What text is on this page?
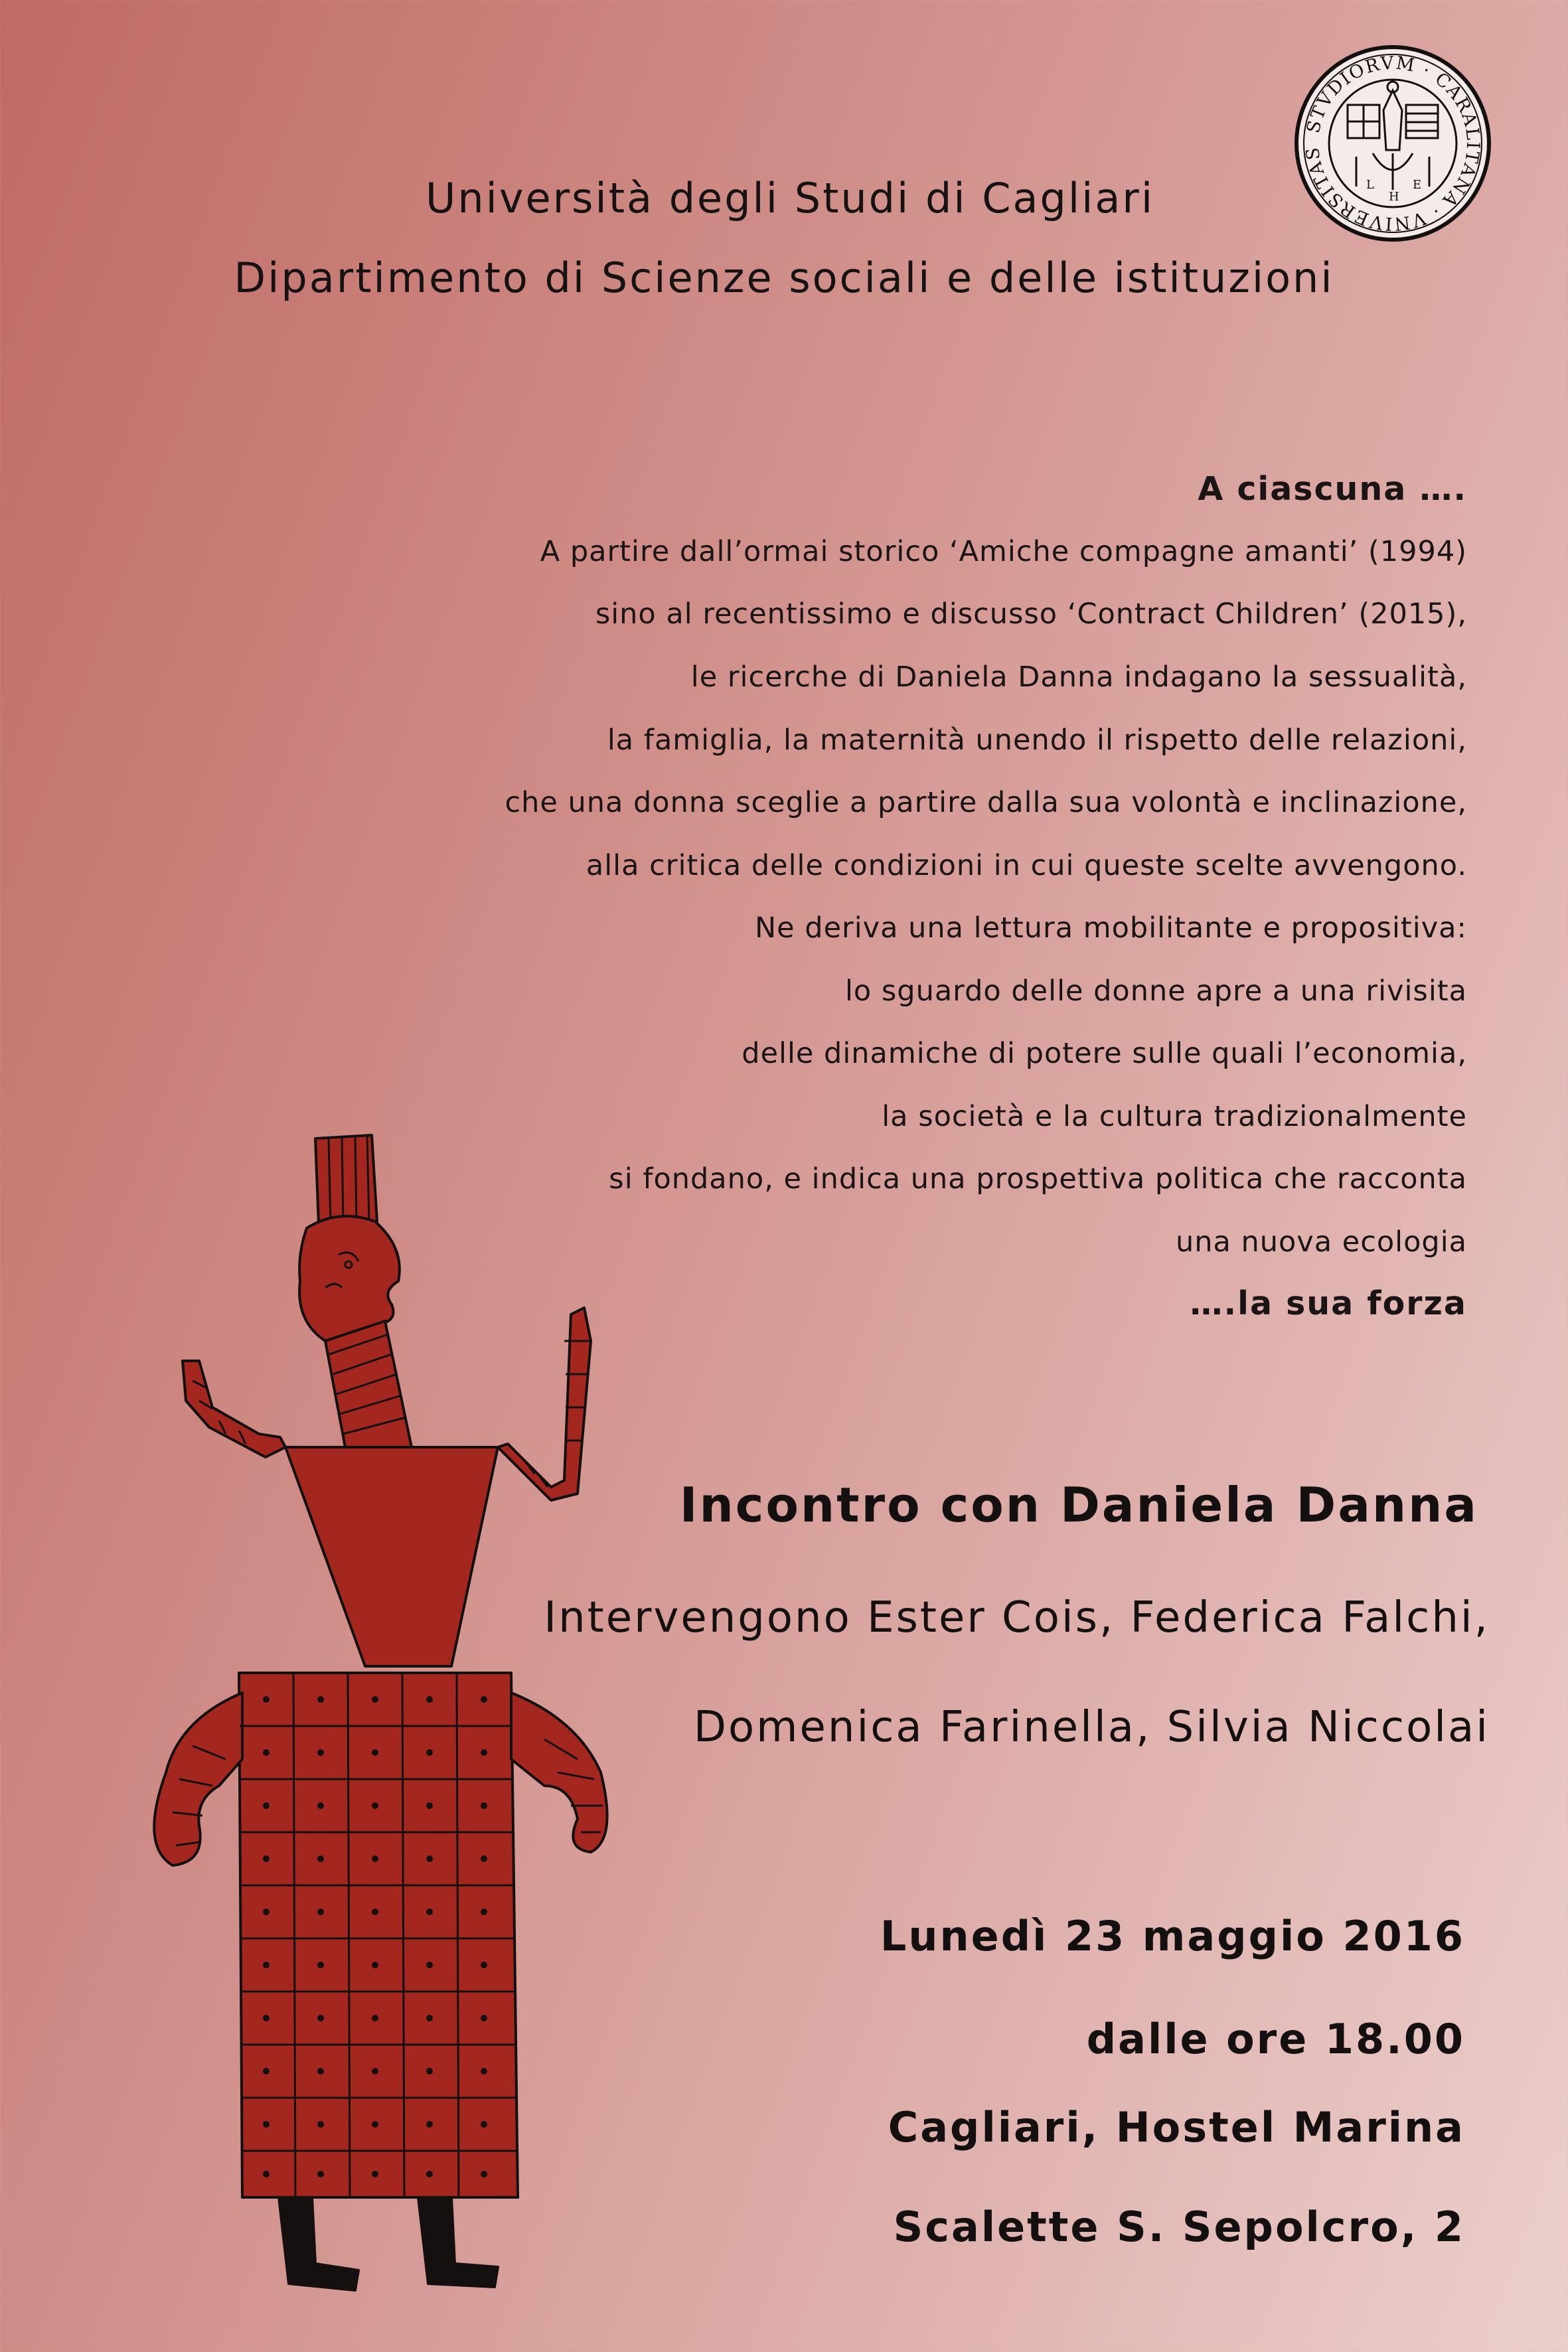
Università degli Studi di Cagliari
Dipartimento di Scienze sociali e delle istituzioni
STVDIORVM · CARALITANA · VNIVERSITAS
L	E
H
A ciascuna ….
A partire dall’ormai storico ‘Amiche compagne amanti’ (1994)
sino al recentissimo e discusso ‘Contract Children’ (2015),
le ricerche di Daniela Danna indagano la sessualità,
la famiglia, la maternità unendo il rispetto delle relazioni,
che una donna sceglie a partire dalla sua volontà e inclinazione,
alla critica delle condizioni in cui queste scelte avvengono.
Ne deriva una lettura mobilitante e propositiva:
lo sguardo delle donne apre a una rivisita
delle dinamiche di potere sulle quali l’economia,
la società e la cultura tradizionalmente
si fondano, e indica una prospettiva politica che racconta
una nuova ecologia
….la sua forza
Incontro con Daniela Danna
Intervengono Ester Cois, Federica Falchi,
Domenica Farinella, Silvia Niccolai
Lunedì 23 maggio 2016
dalle ore 18.00
Cagliari, Hostel Marina
Scalette S. Sepolcro, 2
